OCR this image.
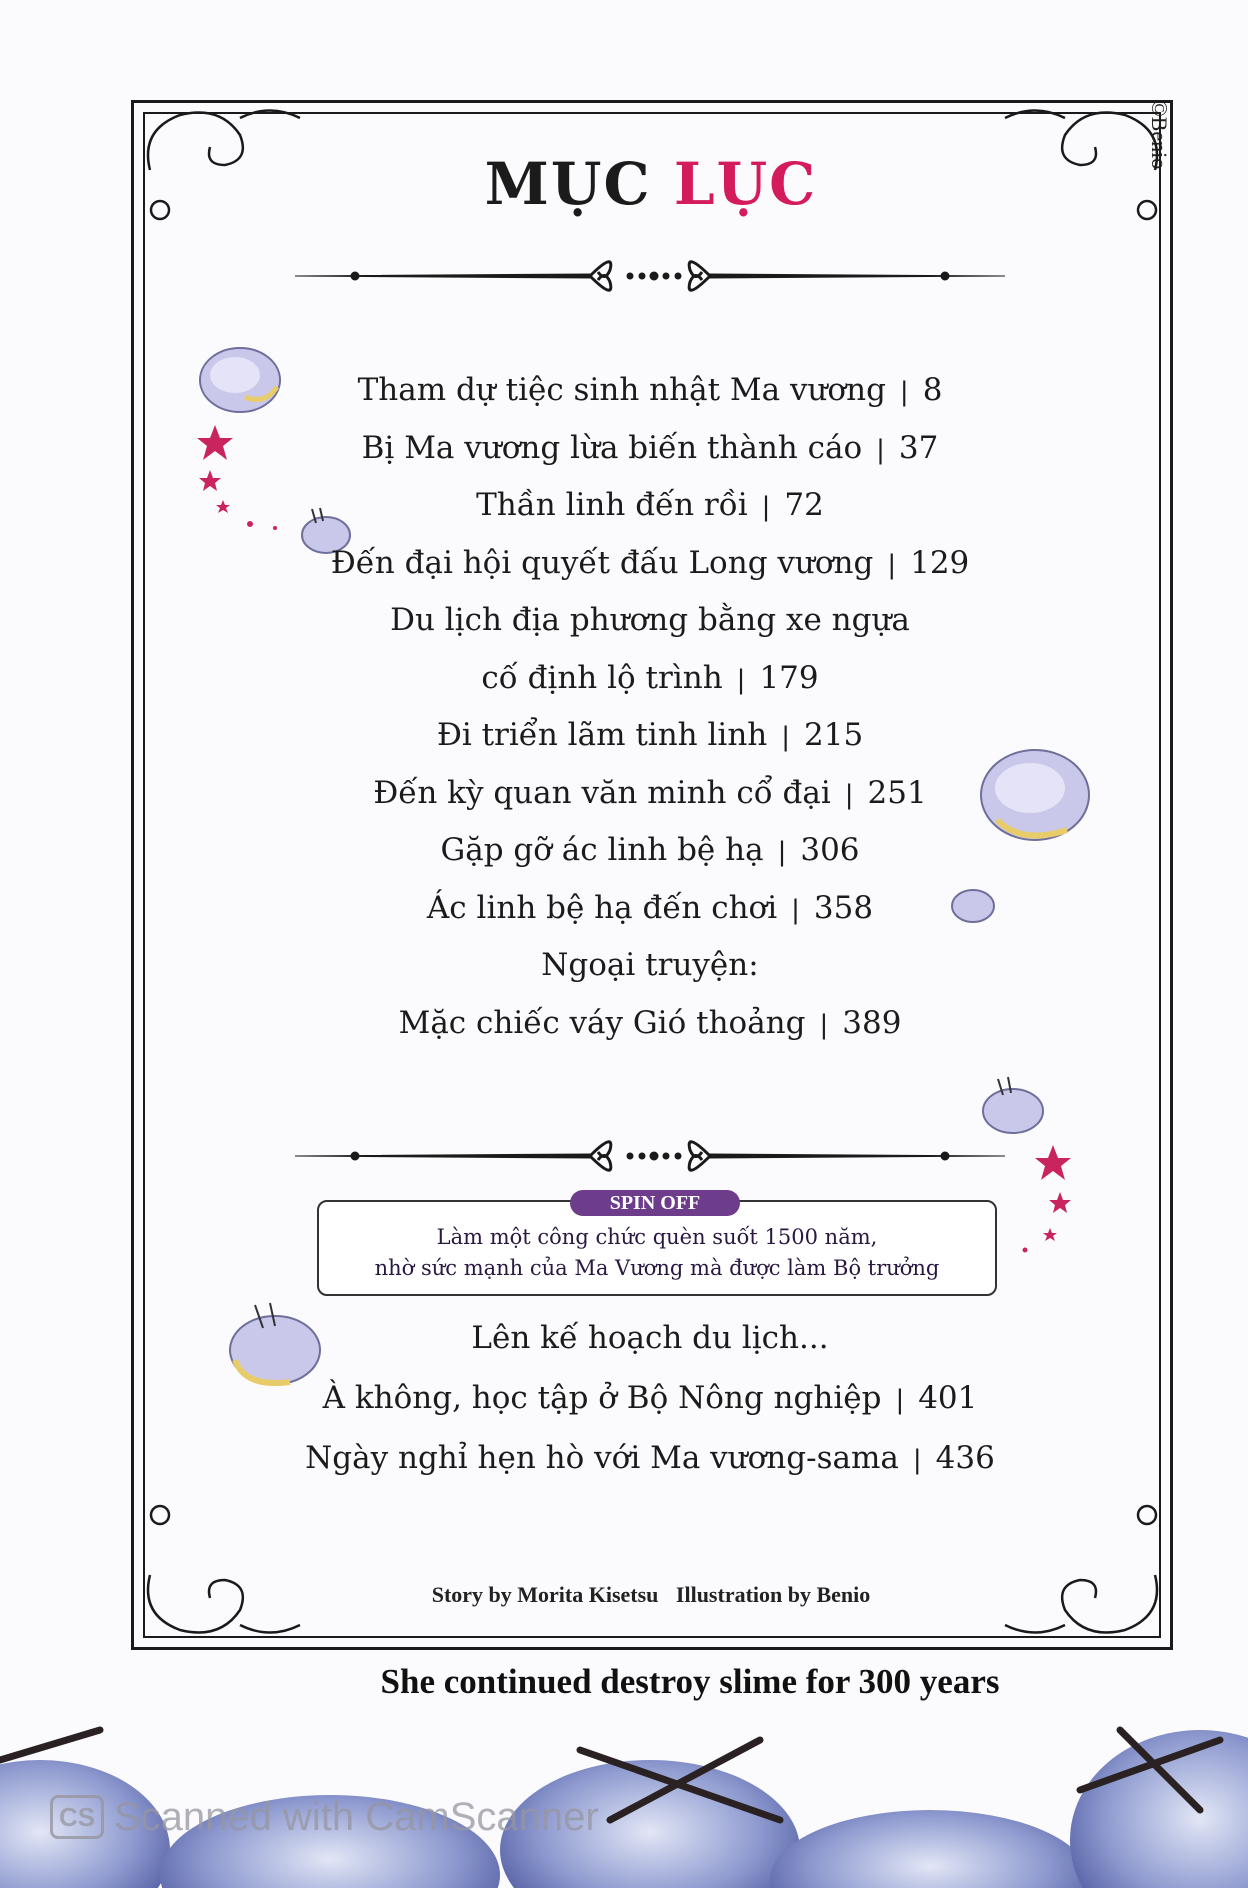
©Benio
MỤC LỤC
Tham dự tiệc sinh nhật Ma vương | 8
Bị Ma vương lừa biến thành cáo | 37
Thần linh đến rồi | 72
Đến đại hội quyết đấu Long vương | 129
Du lịch địa phương bằng xe ngựa
cố định lộ trình | 179
Đi triển lãm tinh linh | 215
Đến kỳ quan văn minh cổ đại | 251
Gặp gỡ ác linh bệ hạ | 306
Ác linh bệ hạ đến chơi | 358
Ngoại truyện:
Mặc chiếc váy Gió thoảng | 389
SPIN OFF
Làm một công chức quèn suốt 1500 năm,
nhờ sức mạnh của Ma Vương mà được làm Bộ trưởng
Lên kế hoạch du lịch...
À không, học tập ở Bộ Nông nghiệp | 401
Ngày nghỉ hẹn hò với Ma vương-sama | 436
Story by Morita Kisetsu Illustration by Benio
She continued destroy slime for 300 years
CS Scanned with CamScanner
